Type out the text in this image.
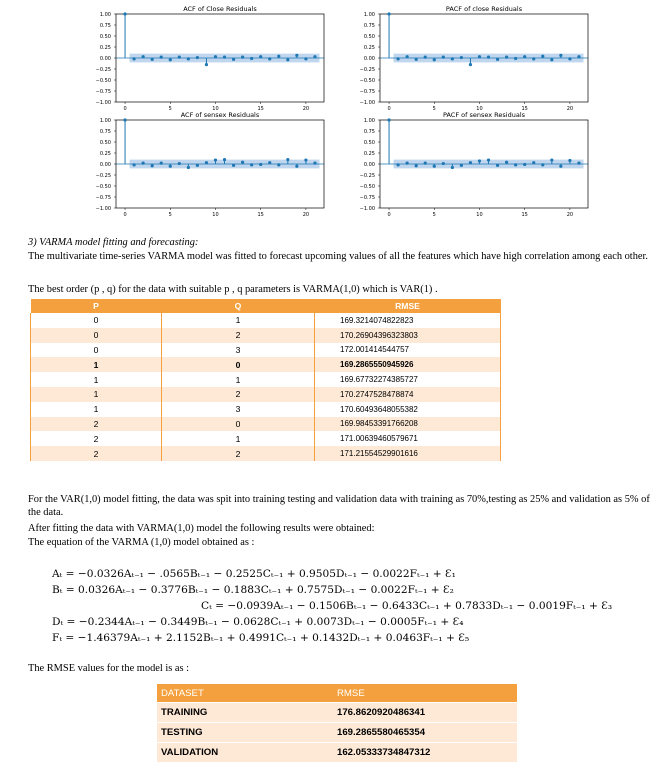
ACF of Close Residuals
1.00
0.75
0.50
0.25
0.00
−0.25
−0.50
−0.75
−1.00
0	5	10	15	20
PACF of close Residuals
1.00
0.75
0.50
0.25
0.00
−0.25
−0.50
−0.75
−1.00
0	5	10	15	20
ACF of sensex Residuals
1.00
0.75
0.50
0.25
0.00
−0.25
−0.50
−0.75
−1.00
0	5	10	15	20
PACF of sensex Residuals
1.00
0.75
0.50
0.25
0.00
−0.25
−0.50
−0.75
−1.00
0	5	10	15	20
3) VARMA model fitting and forecasting:
The multivariate time-series VARMA model was fitted to forecast upcoming values of all the features which have high correlation among each other.
The best order (p , q) for the data with suitable p , q parameters is VARMA(1,0) which is VAR(1) .
P	Q	RMSE
0	1	169.3214074822823
0	2	170.26904396323803
0	3	172.001414544757
1	0	169.2865550945926
1	1	169.67732274385727
1	2	170.2747528478874
1	3	170.60493648055382
2	0	169.98453391766208
2	1	171.00639460579671
2	2	171.21554529901616
For the VAR(1,0) model fitting, the data was spit into training testing and validation data with training as 70%,testing as 25% and validation as 5% of the data.
After fitting the data with VARMA(1,0) model the following results were obtained:
The equation of the VARMA (1,0) model obtained as :
Aₜ = −0.0326Aₜ₋₁ − .0565Bₜ₋₁ − 0.2525Cₜ₋₁ + 0.9505Dₜ₋₁ − 0.0022Fₜ₋₁ + Ɛ₁
Bₜ = 0.0326Aₜ₋₁ − 0.3776Bₜ₋₁ − 0.1883Cₜ₋₁ + 0.7575Dₜ₋₁ − 0.0022Fₜ₋₁ + Ɛ₂
Cₜ = −0.0939Aₜ₋₁ − 0.1506Bₜ₋₁ − 0.6433Cₜ₋₁ + 0.7833Dₜ₋₁ − 0.0019Fₜ₋₁ + Ɛ₃
Dₜ = −0.2344Aₜ₋₁ − 0.3449Bₜ₋₁ − 0.0628Cₜ₋₁ + 0.0073Dₜ₋₁ − 0.0005Fₜ₋₁ + Ɛ₄
Fₜ = −1.46379Aₜ₋₁ + 2.1152Bₜ₋₁ + 0.4991Cₜ₋₁ + 0.1432Dₜ₋₁ + 0.0463Fₜ₋₁ + Ɛ₅
The RMSE values for the model is as :
DATASET	RMSE
TRAINING	176.8620920486341
TESTING	169.2865580465354
VALIDATION	162.05333734847312
